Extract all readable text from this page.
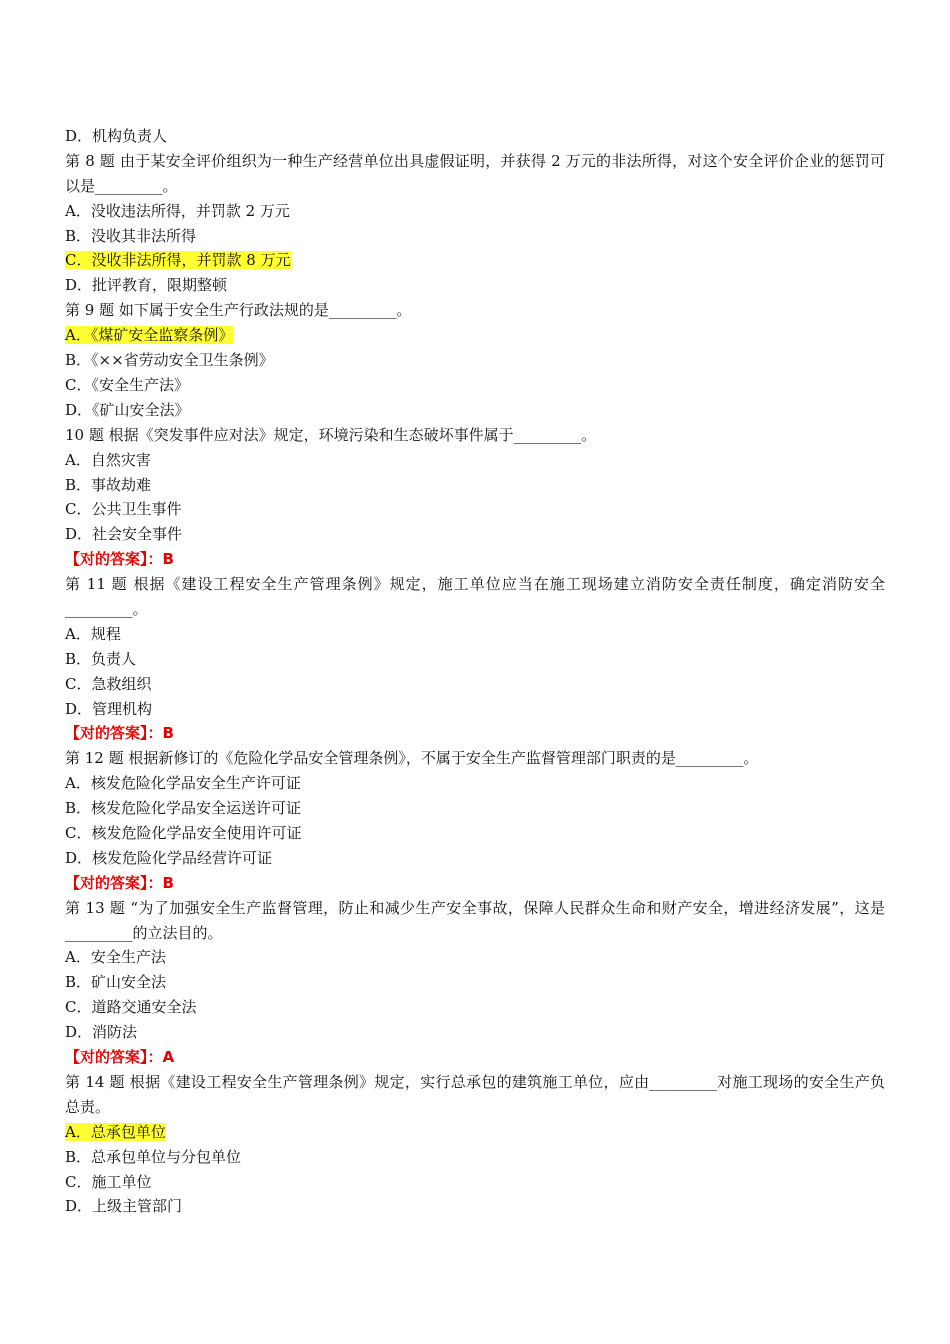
D．机构负责人
第 8 题 由于某安全评价组织为一种生产经营单位出具虚假证明，并获得 2 万元的非法所得，对这个安全评价企业的惩罚可以是_________。
A．没收违法所得，并罚款 2 万元
B．没收其非法所得
C．没收非法所得，并罚款 8 万元
D．批评教育，限期整顿
第 9 题 如下属于安全生产行政法规的是_________。
A．《煤矿安全监察条例》
B．《××省劳动安全卫生条例》
C．《安全生产法》
D．《矿山安全法》
10 题 根据《突发事件应对法》规定，环境污染和生态破坏事件属于_________。
A．自然灾害
B．事故劫难
C．公共卫生事件
D．社会安全事件
【对的答案】：B
第 11 题 根据《建设工程安全生产管理条例》规定，施工单位应当在施工现场建立消防安全责任制度，确定消防安全_________。
A．规程
B．负责人
C．急救组织
D．管理机构
【对的答案】：B
第 12 题 根据新修订的《危险化学品安全管理条例》，不属于安全生产监督管理部门职责的是_________。
A．核发危险化学品安全生产许可证
B．核发危险化学品安全运送许可证
C．核发危险化学品安全使用许可证
D．核发危险化学品经营许可证
【对的答案】：B
第 13 题 “为了加强安全生产监督管理，防止和减少生产安全事故，保障人民群众生命和财产安全，增进经济发展”，这是_________的立法目的。
A．安全生产法
B．矿山安全法
C．道路交通安全法
D．消防法
【对的答案】：A
第 14 题 根据《建设工程安全生产管理条例》规定，实行总承包的建筑施工单位，应由_________对施工现场的安全生产负总责。
A．总承包单位
B．总承包单位与分包单位
C．施工单位
D．上级主管部门
